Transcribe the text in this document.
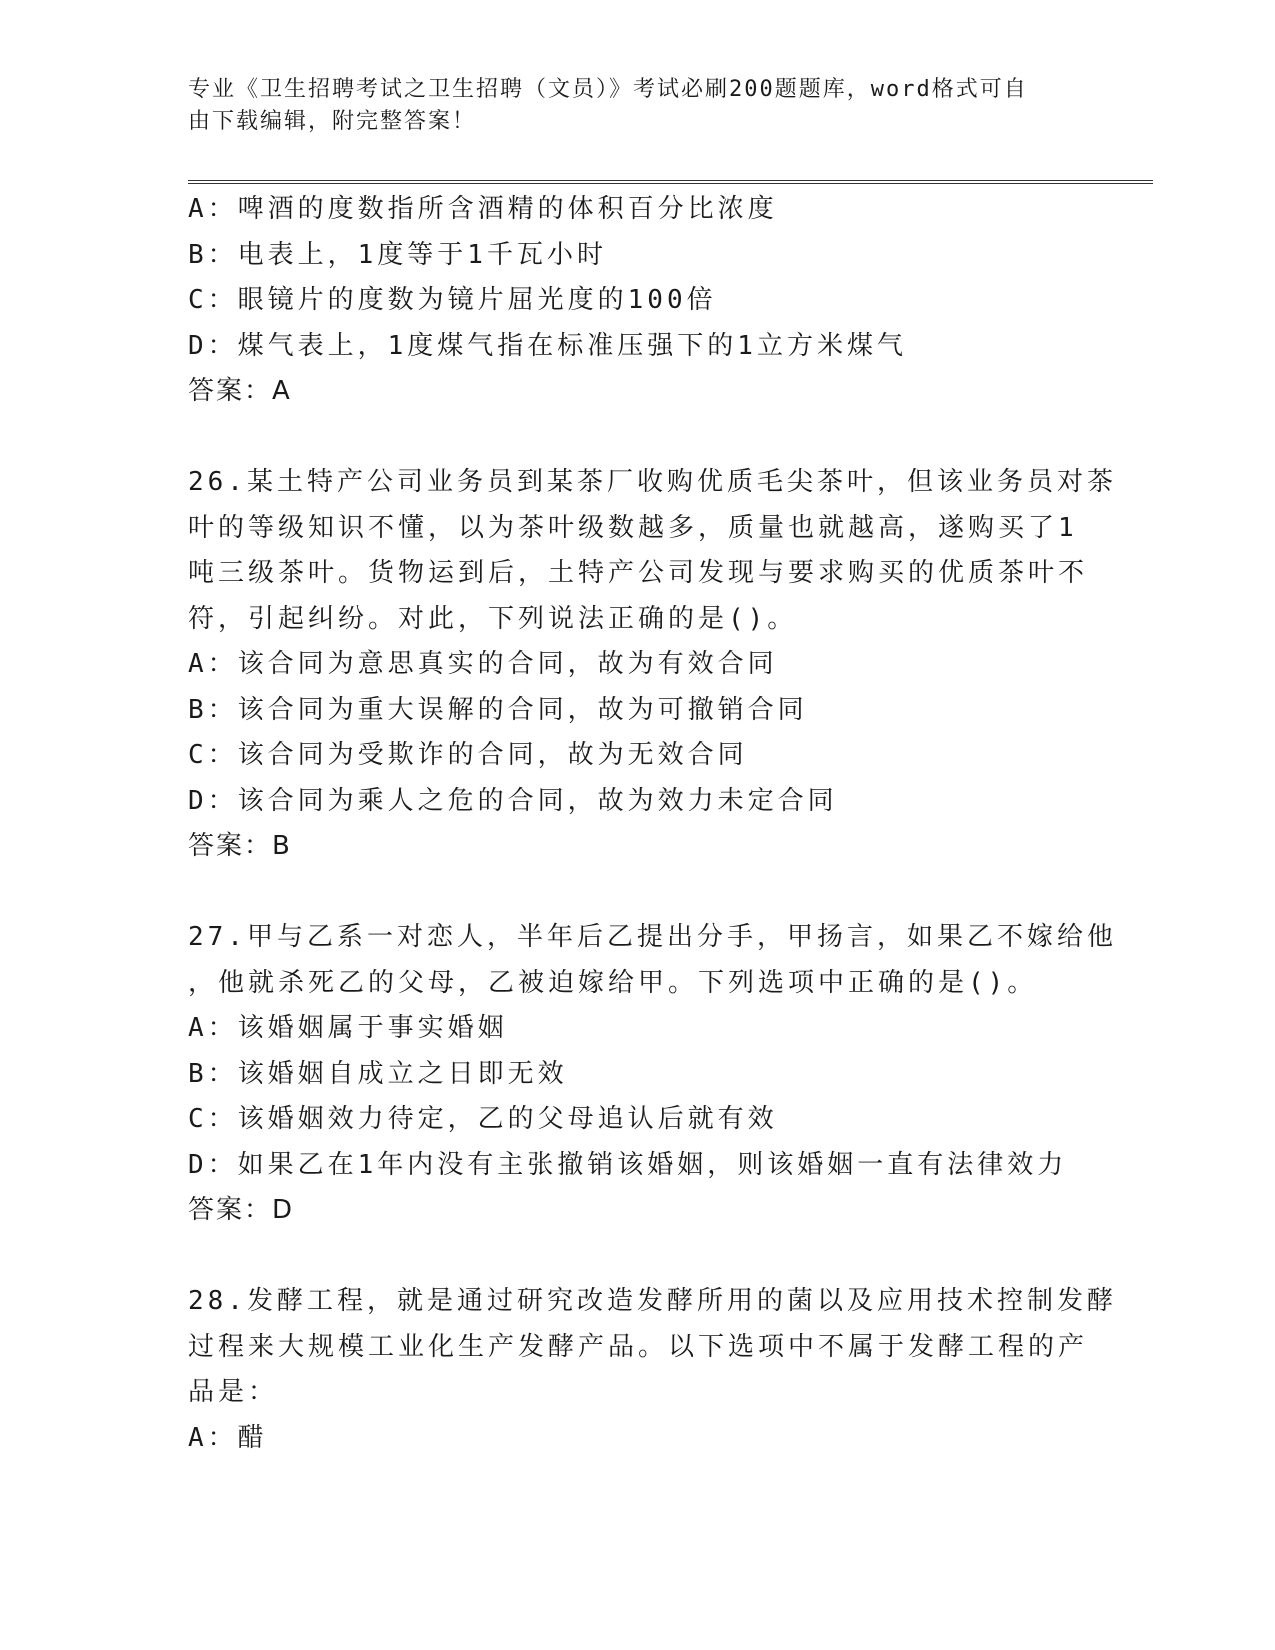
专业《卫生招聘考试之卫生招聘（文员）》考试必刷200题题库，word格式可自
由下载编辑，附完整答案！
A：啤酒的度数指所含酒精的体积百分比浓度
B：电表上，1度等于1千瓦小时
C：眼镜片的度数为镜片屈光度的100倍
D：煤气表上，1度煤气指在标准压强下的1立方米煤气
答案：A
26.某土特产公司业务员到某茶厂收购优质毛尖茶叶，但该业务员对茶
叶的等级知识不懂，以为茶叶级数越多，质量也就越高，遂购买了1
吨三级茶叶。货物运到后，土特产公司发现与要求购买的优质茶叶不
符，引起纠纷。对此，下列说法正确的是()。
A：该合同为意思真实的合同，故为有效合同
B：该合同为重大误解的合同，故为可撤销合同
C：该合同为受欺诈的合同，故为无效合同
D：该合同为乘人之危的合同，故为效力未定合同
答案：B
27.甲与乙系一对恋人，半年后乙提出分手，甲扬言，如果乙不嫁给他
，他就杀死乙的父母，乙被迫嫁给甲。下列选项中正确的是()。
A：该婚姻属于事实婚姻
B：该婚姻自成立之日即无效
C：该婚姻效力待定，乙的父母追认后就有效
D：如果乙在1年内没有主张撤销该婚姻，则该婚姻一直有法律效力
答案：D
28.发酵工程，就是通过研究改造发酵所用的菌以及应用技术控制发酵
过程来大规模工业化生产发酵产品。以下选项中不属于发酵工程的产
品是：
A：醋
